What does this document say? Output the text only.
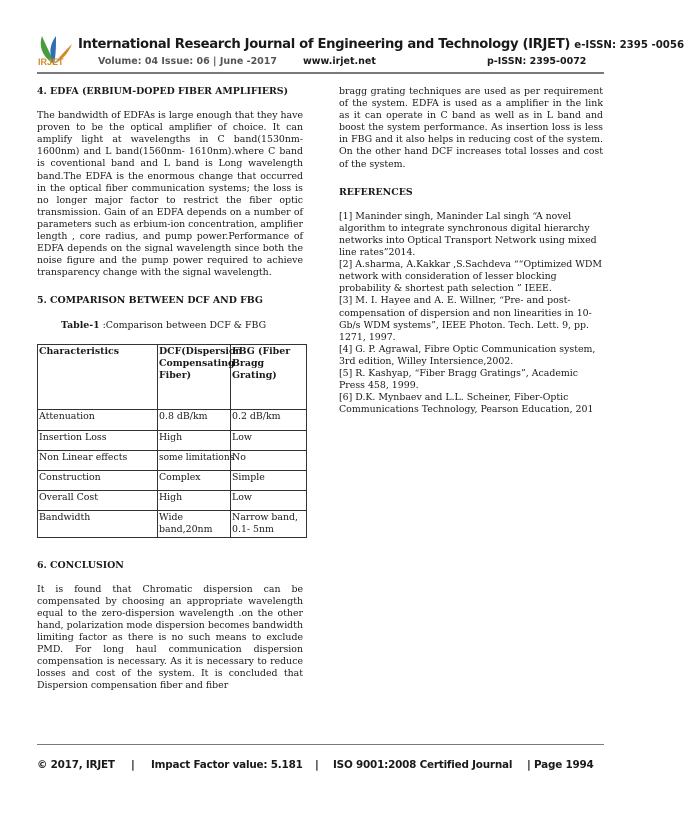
IRJET
International Research Journal of Engineering and Technology (IRJET) e-ISSN: 2395 -0056
Volume: 04 Issue: 06 | June -2017	www.irjet.net	p-ISSN: 2395-0072

4. EDFA (ERBIUM-DOPED FIBER AMPLIFIERS)

The bandwidth of EDFAs is large enough that they have proven to be the optical amplifier of choice. It can amplify light at wavelengths in C band(1530nm-1600nm) and L band(1560nm- 1610nm).where C band is coventional band and L band is Long wavelength band.The EDFA is the enormous change that occurred in the optical fiber communication systems; the loss is no longer major factor to restrict the fiber optic transmission. Gain of an EDFA depends on a number of parameters such as erbium-ion concentration, amplifier length , core radius, and pump power.Performance of EDFA depends on the signal wavelength since both the noise figure and the pump power required to achieve transparency change with the signal wavelength.

5. COMPARISON BETWEEN DCF AND FBG

Table-1 :Comparison between DCF & FBG

Characteristics	DCF(Dispersion Compensating Fiber)	FBG (Fiber Bragg Grating)
Attenuation	0.8 dB/km	0.2 dB/km
Insertion Loss	High	Low
Non Linear effects	some limitations	No
Construction	Complex	Simple
Overall Cost	High	Low
Bandwidth	Wide band,20nm	Narrow band, 0.1- 5nm

6. CONCLUSION

It is found that Chromatic dispersion can be compensated by choosing an appropriate wavelength equal to the zero-dispersion wavelength .on the other hand, polarization mode dispersion becomes bandwidth limiting factor as there is no such means to exclude PMD. For long haul communication dispersion compensation is necessary. As it is necessary to reduce losses and cost of the system. It is concluded that Dispersion compensation fiber and fiber

bragg grating techniques are used as per requirement of the system. EDFA is used as a amplifier in the link as it can operate in C band as well as in L band and boost the system performance. As insertion loss is less in FBG and it also helps in reducing cost of the system. On the other hand DCF increases total losses and cost of the system.

REFERENCES

[1] Maninder singh, Maninder Lal singh “A novel algorithm to integrate synchronous digital hierarchy networks into Optical Transport Network using mixed line rates”2014.

[2] A.sharma, A.Kakkar ,S.Sachdeva ““Optimized WDM network with consideration of lesser blocking probability & shortest path selection ” IEEE.

[3] M. I. Hayee and A. E. Willner, “Pre- and post-compensation of dispersion and non linearities in 10-Gb/s WDM systems”, IEEE Photon. Tech. Lett. 9, pp. 1271, 1997.

[4] G. P. Agrawal, Fibre Optic Communication system, 3rd edition, Willey Intersience,2002.

[5] R. Kashyap, “Fiber Bragg Gratings”, Academic Press 458, 1999.

[6] D.K. Mynbaev and L.L. Scheiner, Fiber-Optic Communications Technology, Pearson Education, 201

© 2017, IRJET | Impact Factor value: 5.181 | ISO 9001:2008 Certified Journal | Page 1994
